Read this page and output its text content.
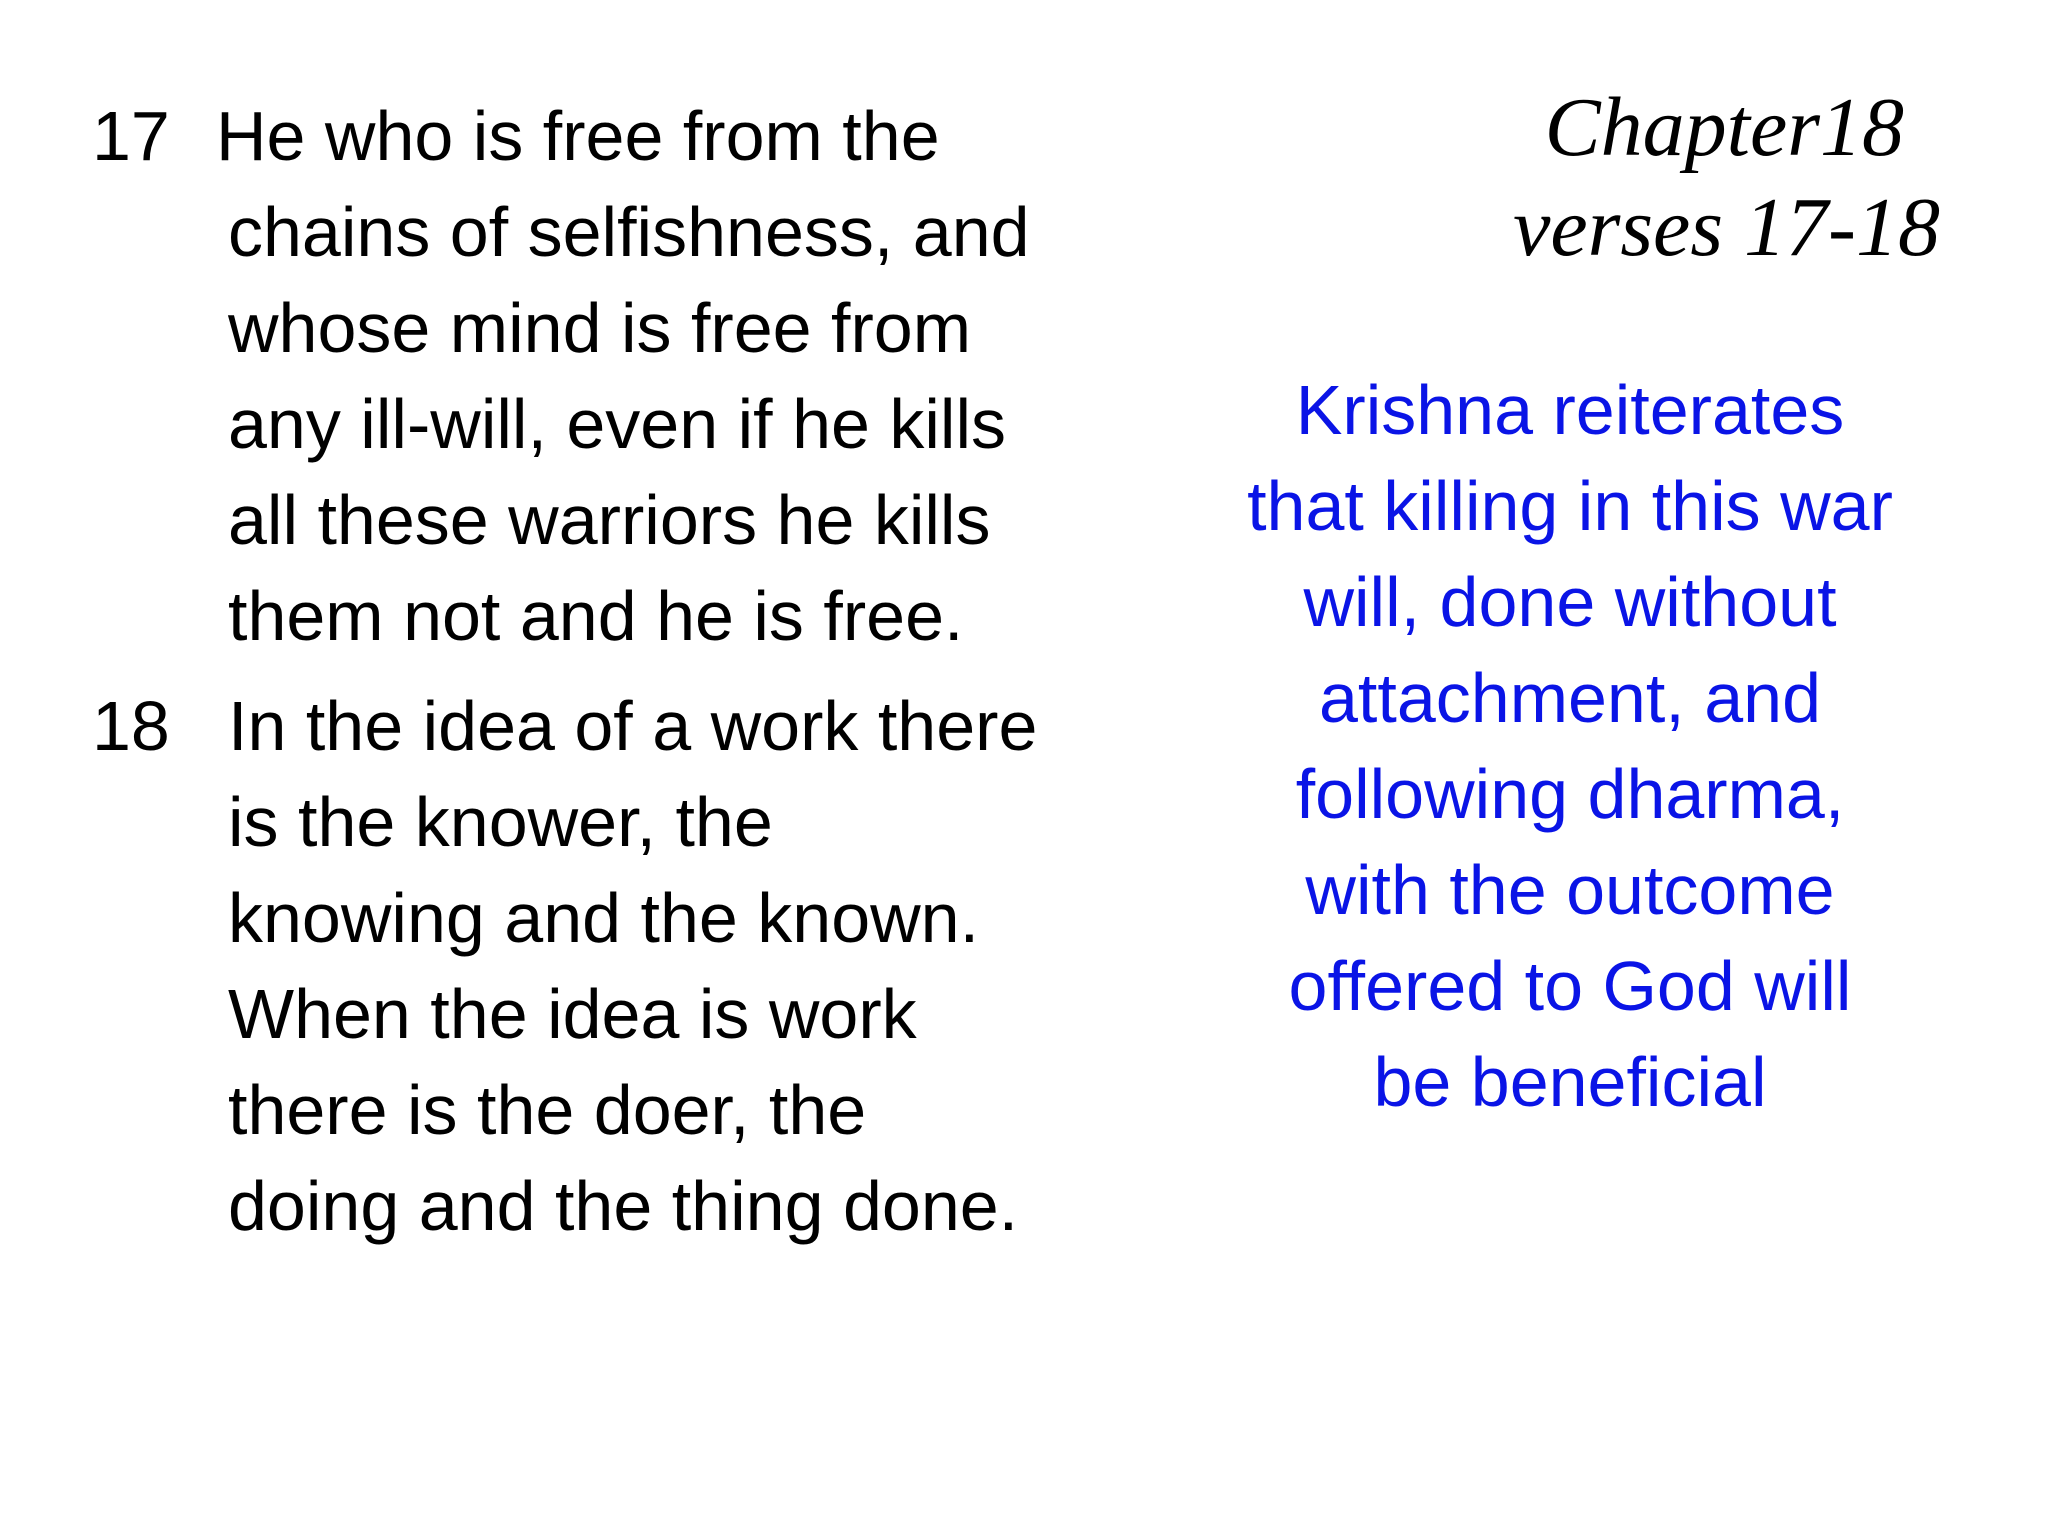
Chapter18
verses 17-18
17 He who is free from the
chains of selfishness, and
whose mind is free from
any ill-will, even if he kills
all these warriors he kills
them not and he is free.
18 In the idea of a work there
is the knower, the
knowing and the known.
When the idea is work
there is the doer, the
doing and the thing done.
Krishna reiterates
that killing in this war
will, done without
attachment, and
following dharma,
with the outcome
offered to God will
be beneficial
